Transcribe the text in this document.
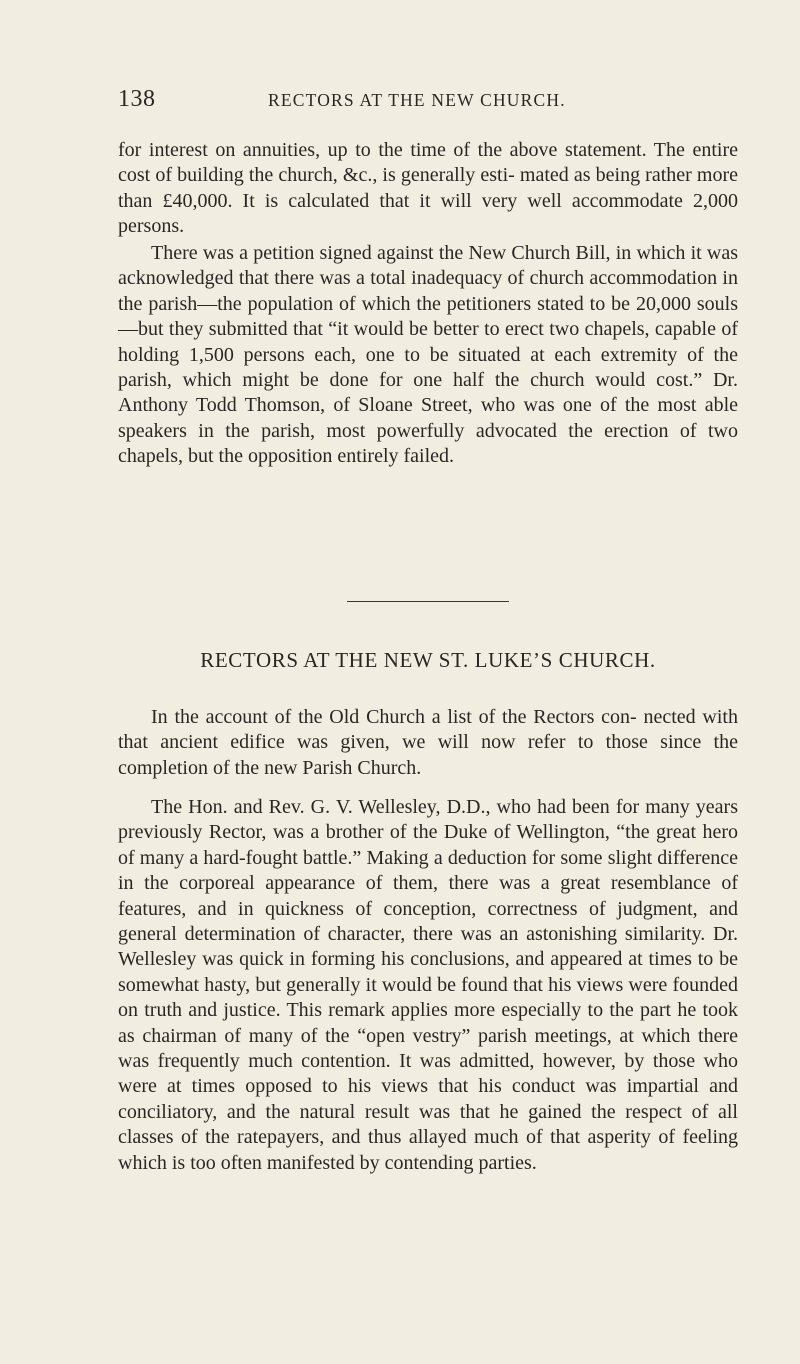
138	RECTORS AT THE NEW CHURCH.

for interest on annuities, up to the time of the above statement. The entire cost of building the church, &c., is generally esti- mated as being rather more than £40,000. It is calculated that it will very well accommodate 2,000 persons.

There was a petition signed against the New Church Bill, in which it was acknowledged that there was a total inadequacy of church accommodation in the parish—the population of which the petitioners stated to be 20,000 souls—but they submitted that “it would be better to erect two chapels, capable of holding 1,500 persons each, one to be situated at each extremity of the parish, which might be done for one half the church would cost.” Dr. Anthony Todd Thomson, of Sloane Street, who was one of the most able speakers in the parish, most powerfully advocated the erection of two chapels, but the opposition entirely failed.

RECTORS AT THE NEW ST. LUKE’S CHURCH.

In the account of the Old Church a list of the Rectors con- nected with that ancient edifice was given, we will now refer to those since the completion of the new Parish Church.

The Hon. and Rev. G. V. Wellesley, D.D., who had been for many years previously Rector, was a brother of the Duke of Wellington, “the great hero of many a hard-fought battle.” Making a deduction for some slight difference in the corporeal appearance of them, there was a great resemblance of features, and in quickness of conception, correctness of judgment, and general determination of character, there was an astonishing similarity. Dr. Wellesley was quick in forming his conclusions, and appeared at times to be somewhat hasty, but generally it would be found that his views were founded on truth and justice. This remark applies more especially to the part he took as chairman of many of the “open vestry” parish meetings, at which there was frequently much contention. It was admitted, however, by those who were at times opposed to his views that his conduct was impartial and conciliatory, and the natural result was that he gained the respect of all classes of the ratepayers, and thus allayed much of that asperity of feeling which is too often manifested by contending parties.
